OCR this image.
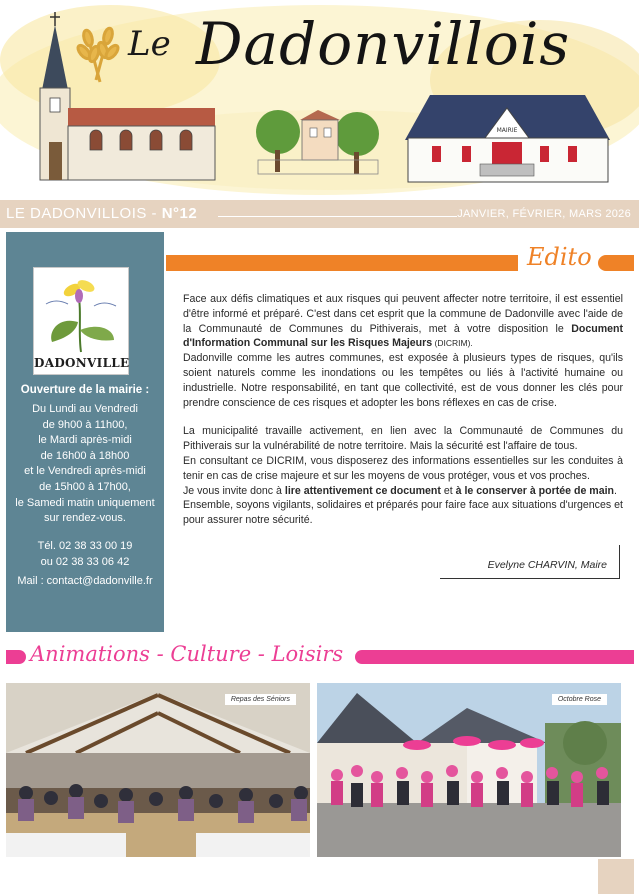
MAIRIE
Le Dadonvillois
LE DADONVILLOIS - N°12	JANVIER, FÉVRIER, MARS 2026
DADONVILLE
Ouverture de la mairie :
Du Lundi au Vendredi
de 9h00 à 11h00,
le Mardi après-midi
de 16h00 à 18h00
et le Vendredi après-midi
de 15h00 à 17h00,
le Samedi matin uniquement
sur rendez-vous.
Tél. 02 38 33 00 19
ou 02 38 33 06 42
Mail : contact@dadonville.fr
Edito

Face aux défis climatiques et aux risques qui peuvent affecter notre territoire, il est essentiel d'être informé et préparé. C'est dans cet esprit que la commune de Dadonville avec l'aide de la Communauté de Communes du Pithiverais, met à votre disposition le Document d'Information Communal sur les Risques Majeurs (DICRIM).

Dadonville comme les autres communes, est exposée à plusieurs types de risques, qu'ils soient naturels comme les inondations ou les tempêtes ou liés à l'activité humaine ou industrielle. Notre responsabilité, en tant que collectivité, est de vous donner les clés pour prendre conscience de ces risques et adopter les bons réflexes en cas de crise.

La municipalité travaille activement, en lien avec la Communauté de Communes du Pithiverais sur la vulnérabilité de notre territoire. Mais la sécurité est l'affaire de tous.

En consultant ce DICRIM, vous disposerez des informations essentielles sur les conduites à tenir en cas de crise majeure et sur les moyens de vous protéger, vous et vos proches.

Je vous invite donc à lire attentivement ce document et à le conserver à portée de main.

Ensemble, soyons vigilants, solidaires et préparés pour faire face aux situations d'urgences et pour assurer notre sécurité.

Evelyne CHARVIN, Maire
Animations - Culture - Loisirs
Repas des Séniors	Octobre Rose
